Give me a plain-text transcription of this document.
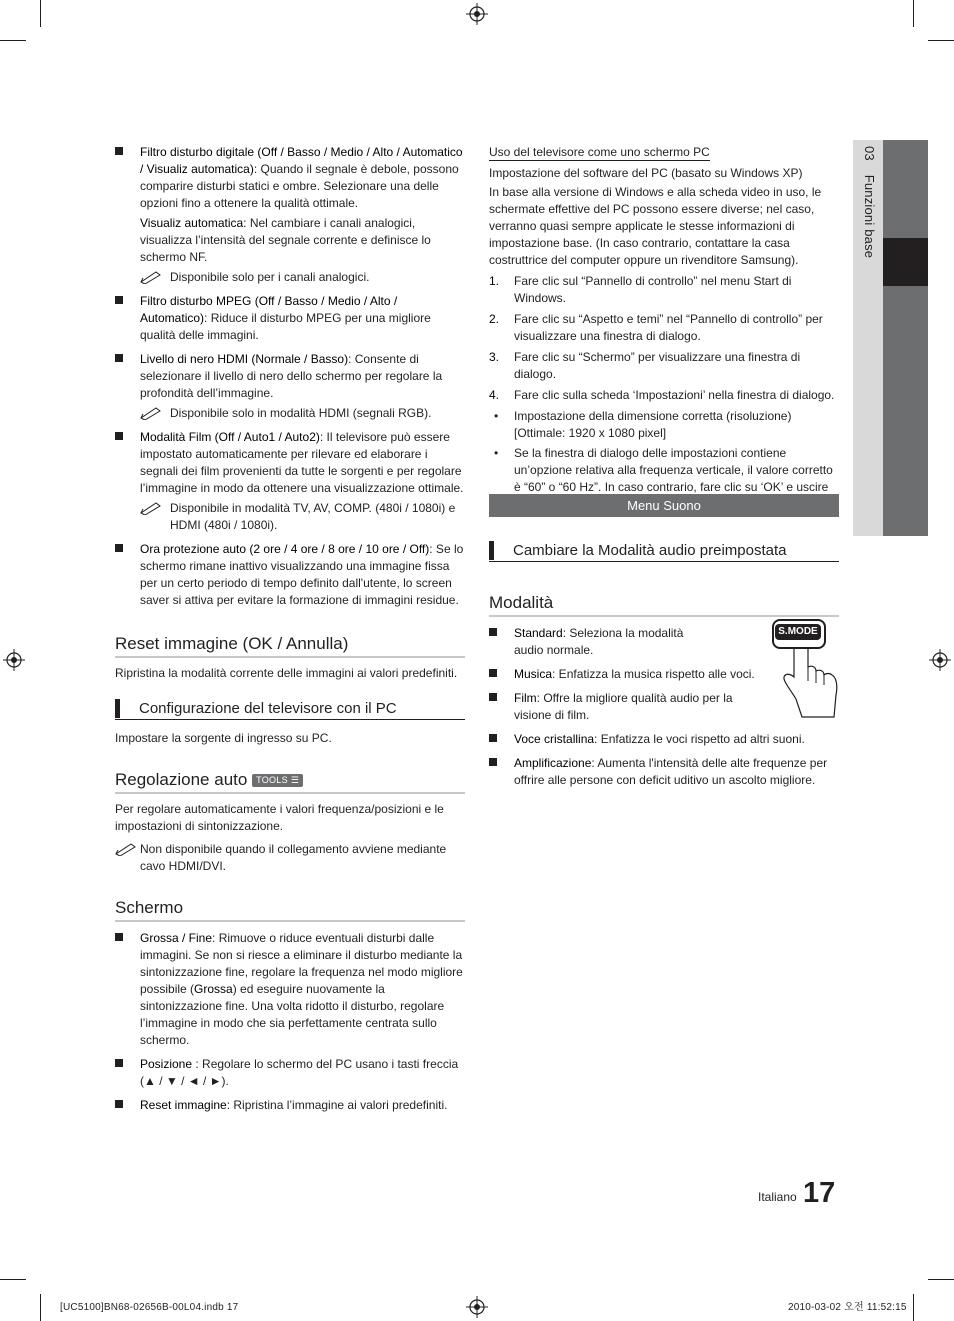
03 Funzioni base

Filtro disturbo digitale (Off / Basso / Medio / Alto / Automatico / Visualiz automatica): Quando il segnale è debole, possono comparire disturbi statici e ombre. Selezionare una delle opzioni fino a ottenere la qualità ottimale.

Visualiz automatica: Nel cambiare i canali analogici, visualizza l’intensità del segnale corrente e definisce lo schermo NF.

Disponibile solo per i canali analogici.

Filtro disturbo MPEG (Off / Basso / Medio / Alto / Automatico): Riduce il disturbo MPEG per una migliore qualità delle immagini.

Livello di nero HDMI (Normale / Basso): Consente di selezionare il livello di nero dello schermo per regolare la profondità dell’immagine.

Disponibile solo in modalità HDMI (segnali RGB).

Modalità Film (Off / Auto1 / Auto2): Il televisore può essere impostato automaticamente per rilevare ed elaborare i segnali dei film provenienti da tutte le sorgenti e per regolare l’immagine in modo da ottenere una visualizzazione ottimale.

Disponibile in modalità TV, AV, COMP. (480i / 1080i) e HDMI (480i / 1080i).

Ora protezione auto (2 ore / 4 ore / 8 ore / 10 ore / Off): Se lo schermo rimane inattivo visualizzando una immagine fissa per un certo periodo di tempo definito dall'utente, lo screen saver si attiva per evitare la formazione di immagini residue.

Reset immagine (OK / Annulla)

Ripristina la modalità corrente delle immagini ai valori predefiniti.

Configurazione del televisore con il PC

Impostare la sorgente di ingresso su PC.

Regolazione auto TOOLS ☰

Per regolare automaticamente i valori frequenza/posizioni e le impostazioni di sintonizzazione.

Non disponibile quando il collegamento avviene mediante cavo HDMI/DVI.
Schermo

Grossa / Fine: Rimuove o riduce eventuali disturbi dalle immagini. Se non si riesce a eliminare il disturbo mediante la sintonizzazione fine, regolare la frequenza nel modo migliore possibile (Grossa) ed eseguire nuovamente la sintonizzazione fine. Una volta ridotto il disturbo, regolare l’immagine in modo che sia perfettamente centrata sullo schermo.

Posizione : Regolare lo schermo del PC usano i tasti freccia (▲ / ▼ / ◄ / ►).

Reset immagine: Ripristina l’immagine ai valori predefiniti.

Uso del televisore come uno schermo PC

Impostazione del software del PC (basato su Windows XP)

In base alla versione di Windows e alla scheda video in uso, le schermate effettive del PC possono essere diverse; nel caso, verranno quasi sempre applicate le stesse informazioni di impostazione base. (In caso contrario, contattare la casa costruttrice del computer oppure un rivenditore Samsung).

1. Fare clic sul “Pannello di controllo” nel menu Start di Windows.
2. Fare clic su “Aspetto e temi” nel “Pannello di controllo” per visualizzare una finestra di dialogo.
3. Fare clic su “Schermo” per visualizzare una finestra di dialogo.
4. Fare clic sulla scheda ‘Impostazioni’ nella finestra di dialogo.
• Impostazione della dimensione corretta (risoluzione) [Ottimale: 1920 x 1080 pixel]
• Se la finestra di dialogo delle impostazioni contiene un’opzione relativa alla frequenza verticale, il valore corretto è “60” o “60 Hz”. In caso contrario, fare clic su ‘OK’ e uscire
Menu Suono
Cambiare la Modalità audio preimpostata
Modalità

Standard: Seleziona la modalità audio normale.

Musica: Enfatizza la musica rispetto alle voci.

Film: Offre la migliore qualità audio per la visione di film.

Voce cristallina: Enfatizza le voci rispetto ad altri suoni.

Amplificazione: Aumenta l'intensità delle alte frequenze per offrire alle persone con deficit uditivo un ascolto migliore.

S.MODE
Italiano 17
[UC5100]BN68-02656B-00L04.indb 17	2010-03-02 오전 11:52:15
